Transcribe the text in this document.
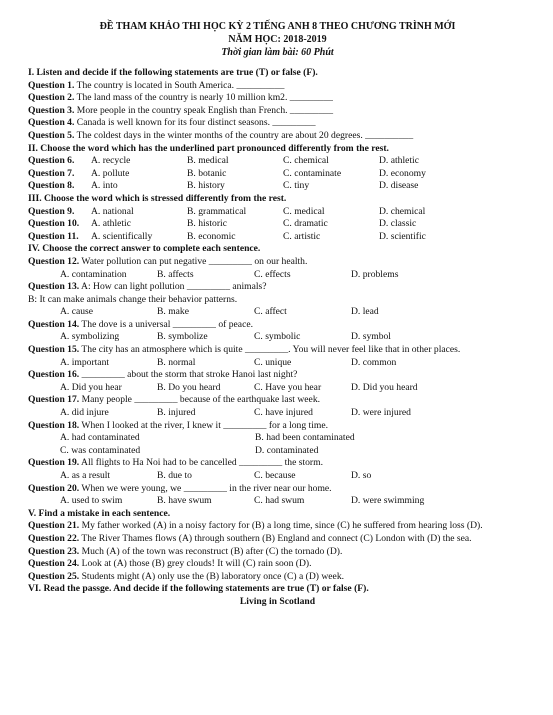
ĐỀ THAM KHẢO THI HỌC KỲ 2 TIẾNG ANH 8 THEO CHƯƠNG TRÌNH MỚI
NĂM HỌC: 2018-2019
Thời gian làm bài: 60 Phút
I. Listen and decide if the following statements are true (T) or false (F).
Question 1. The country is located in South America. __________
Question 2. The land mass of the country is nearly 10 million km2. _________
Question 3. More people in the country speak English than French. _________
Question 4. Canada is well known for its four distinct seasons. _________
Question 5. The coldest days in the winter months of the country are about 20 degrees. __________
II. Choose the word which has the underlined part pronounced differently from the rest.
Question 6.	A. recycle	B. medical	C. chemical	D. athletic
Question 7.	A. pollute	B. botanic	C. contaminate	D. economy
Question 8.	A. into	B. history	C. tiny	D. disease
III. Choose the word which is stressed differently from the rest.
Question 9.	A. national	B. grammatical	C. medical	D. chemical
Question 10.	A. athletic	B. historic	C. dramatic	D. classic
Question 11.	A. scientifically	B. economic	C. artistic	D. scientific
IV. Choose the correct answer to complete each sentence.
Question 12. Water pollution can put negative _________ on our health.
A. contamination	B. affects	C. effects	D. problems
Question 13. A: How can light pollution _________ animals?
B: It can make animals change their behavior patterns.
A. cause	B. make	C. affect	D. lead
Question 14. The dove is a universal _________ of peace.
A. symbolizing	B. symbolize	C. symbolic	D. symbol
Question 15. The city has an atmosphere which is quite _________. You will never feel like that in other places.
A. important	B. normal	C. unique	D. common
Question 16. _________ about the storm that stroke Hanoi last night?
A. Did you hear	B. Do you heard	C. Have you hear	D. Did you heard
Question 17. Many people _________ because of the earthquake last week.
A. did injure	B. injured	C. have injured	D. were injured
Question 18. When I looked at the river, I knew it _________ for a long time.
A. had contaminated	B. had been contaminated
C. was contaminated	D. contaminated
Question 19. All flights to Ha Noi had to be cancelled _________ the storm.
A. as a result	B. due to	C. because	D. so
Question 20. When we were young, we _________ in the river near our home.
A. used to swim	B. have swum	C. had swum	D. were swimming
V. Find a mistake in each sentence.
Question 21. My father worked (A) in a noisy factory for (B) a long time, since (C) he suffered from hearing loss (D).
Question 22. The River Thames flows (A) through southern (B) England and connect (C) London with (D) the sea.
Question 23. Much (A) of the town was reconstruct (B) after (C) the tornado (D).
Question 24. Look at (A) those (B) grey clouds! It will (C) rain soon (D).
Question 25. Students might (A) only use the (B) laboratory once (C) a (D) week.
VI. Read the passge. And decide if the following statements are true (T) or false (F).
Living in Scotland
